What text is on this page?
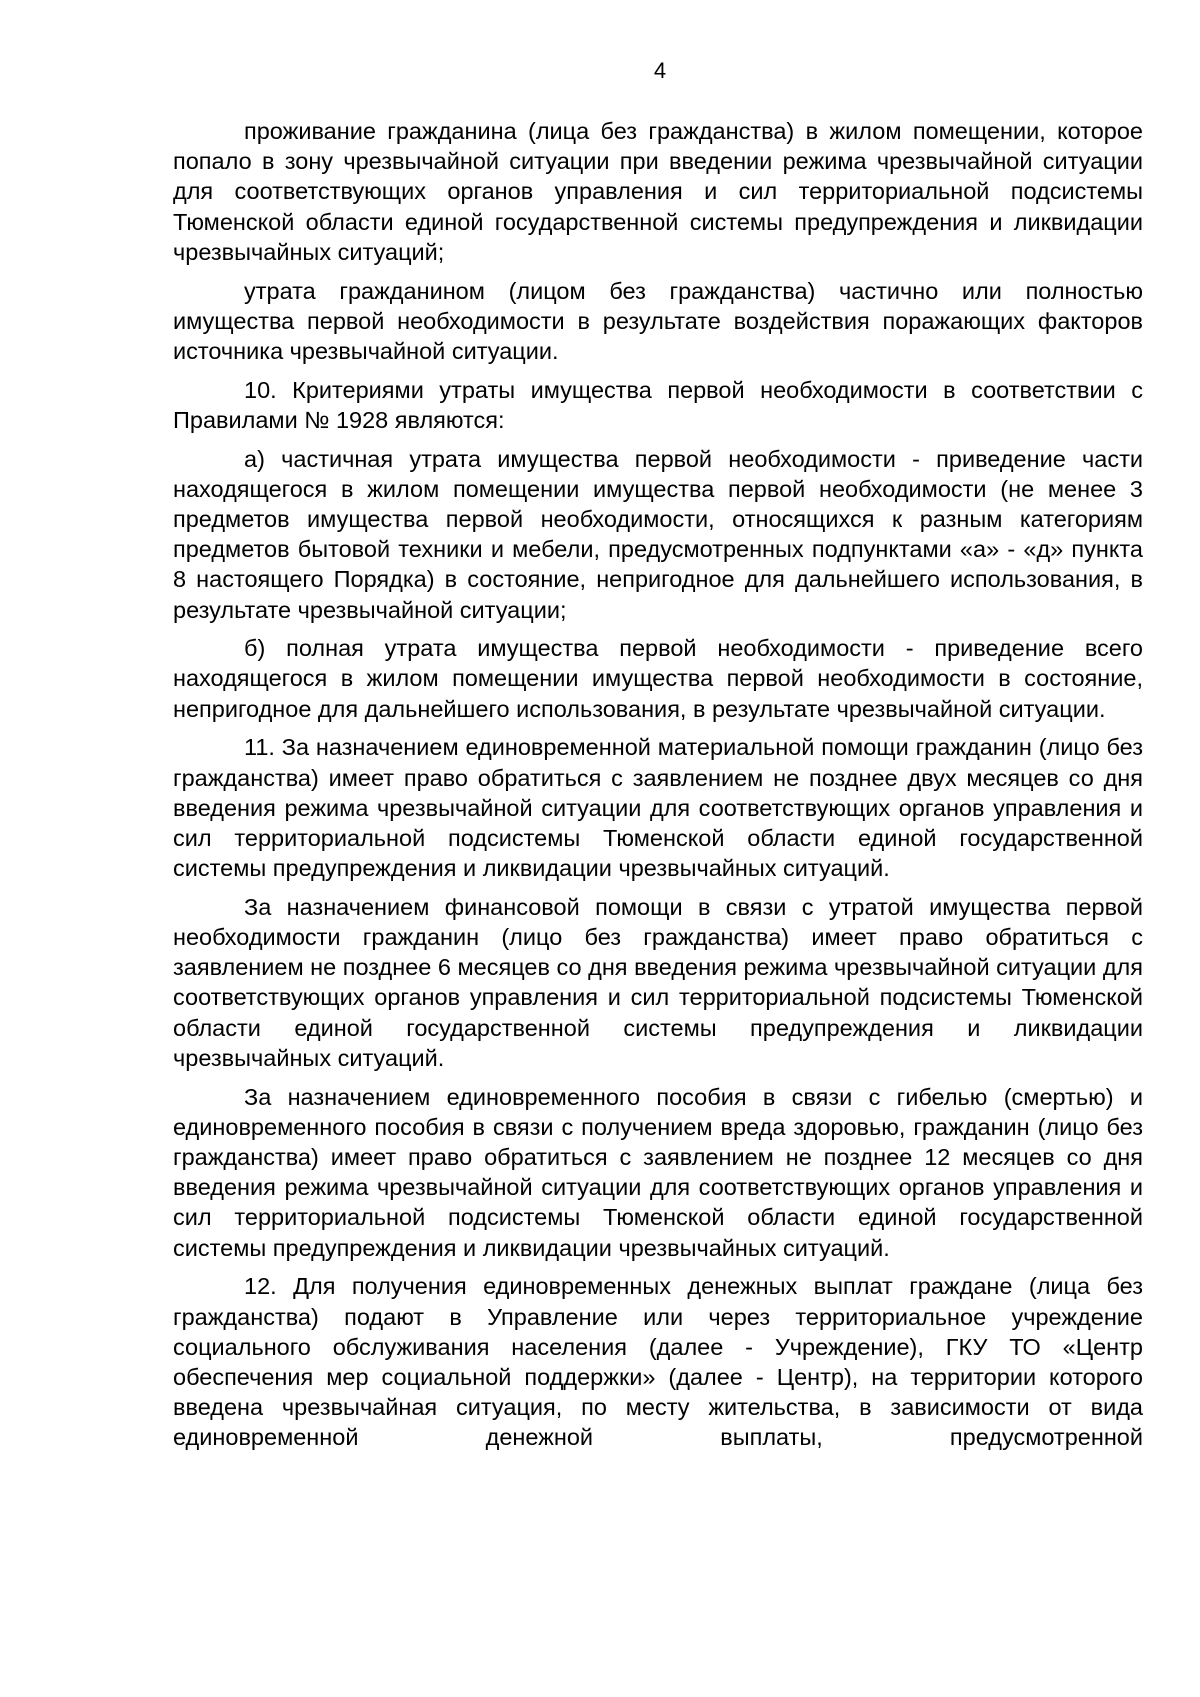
4

проживание гражданина (лица без гражданства) в жилом помещении, которое попало в зону чрезвычайной ситуации при введении режима чрезвычайной ситуации для соответствующих органов управления и сил территориальной подсистемы Тюменской области единой государственной системы предупреждения и ликвидации чрезвычайных ситуаций;

утрата гражданином (лицом без гражданства) частично или полностью имущества первой необходимости в результате воздействия поражающих факторов источника чрезвычайной ситуации.

10. Критериями утраты имущества первой необходимости в соответствии с Правилами № 1928 являются:

а) частичная утрата имущества первой необходимости - приведение части находящегося в жилом помещении имущества первой необходимости (не менее 3 предметов имущества первой необходимости, относящихся к разным категориям предметов бытовой техники и мебели, предусмотренных подпунктами «а» - «д» пункта 8 настоящего Порядка) в состояние, непригодное для дальнейшего использования, в результате чрезвычайной ситуации;

б) полная утрата имущества первой необходимости - приведение всего находящегося в жилом помещении имущества первой необходимости в состояние, непригодное для дальнейшего использования, в результате чрезвычайной ситуации.

11. За назначением единовременной материальной помощи гражданин (лицо без гражданства) имеет право обратиться с заявлением не позднее двух месяцев со дня введения режима чрезвычайной ситуации для соответствующих органов управления и сил территориальной подсистемы Тюменской области единой государственной системы предупреждения и ликвидации чрезвычайных ситуаций.

За назначением финансовой помощи в связи с утратой имущества первой необходимости гражданин (лицо без гражданства) имеет право обратиться с заявлением не позднее 6 месяцев со дня введения режима чрезвычайной ситуации для соответствующих органов управления и сил территориальной подсистемы Тюменской области единой государственной системы предупреждения и ликвидации чрезвычайных ситуаций.

За назначением единовременного пособия в связи с гибелью (смертью) и единовременного пособия в связи с получением вреда здоровью, гражданин (лицо без гражданства) имеет право обратиться с заявлением не позднее 12 месяцев со дня введения режима чрезвычайной ситуации для соответствующих органов управления и сил территориальной подсистемы Тюменской области единой государственной системы предупреждения и ликвидации чрезвычайных ситуаций.

12. Для получения единовременных денежных выплат граждане (лица без гражданства) подают в Управление или через территориальное учреждение социального обслуживания населения (далее - Учреждение), ГКУ ТО «Центр обеспечения мер социальной поддержки» (далее - Центр), на территории которого введена чрезвычайная ситуация, по месту жительства, в зависимости от вида единовременной денежной выплаты, предусмотренной
